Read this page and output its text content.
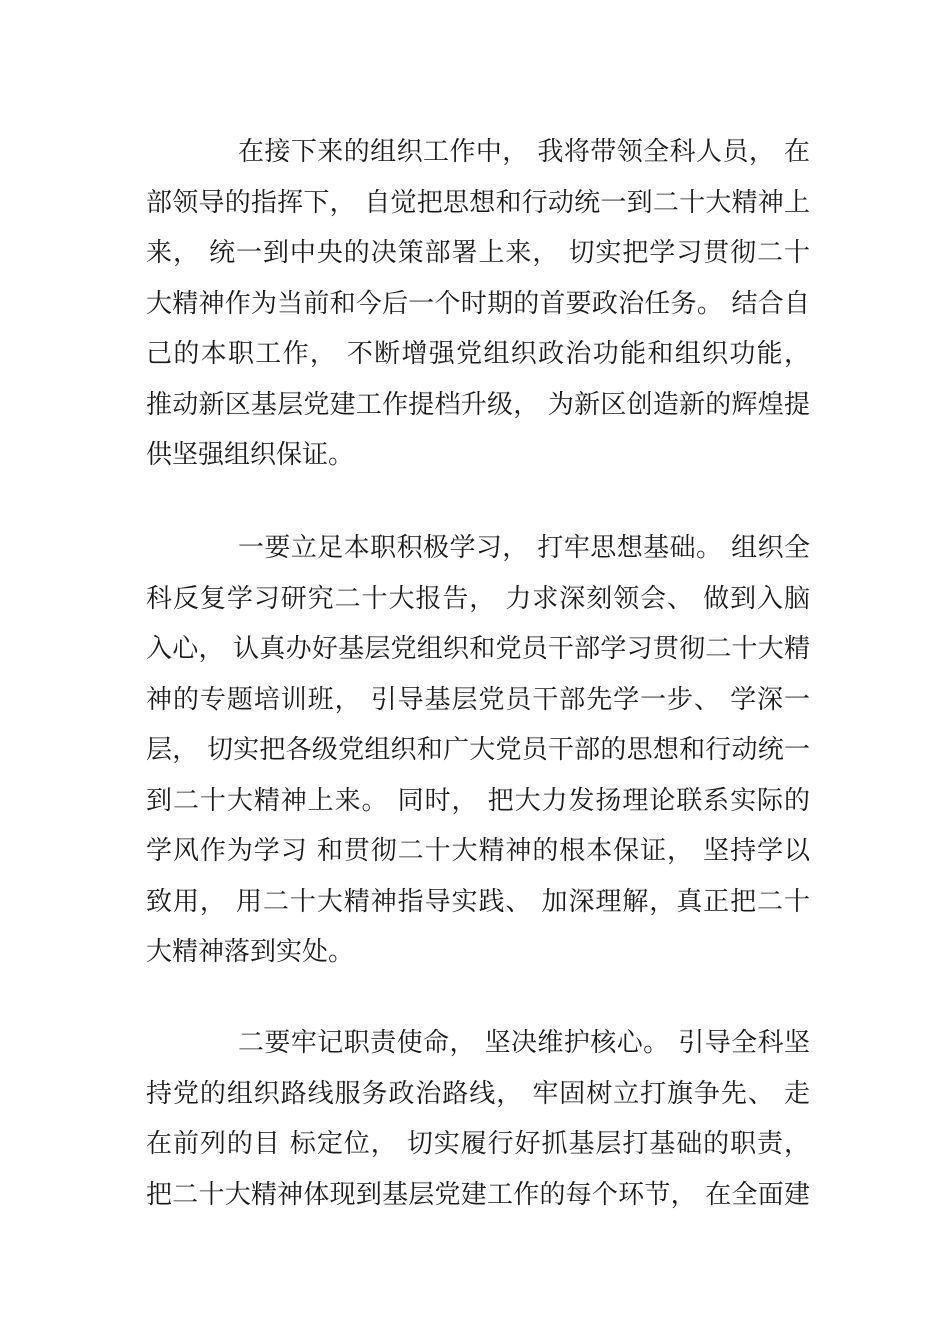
在接下来的组织工作中， 我将带领全科人员， 在
部领导的指挥下， 自觉把思想和行动统一到二十大精神上
来， 统一到中央的决策部署上来， 切实把学习贯彻二十
大精神作为当前和今后一个时期的首要政治任务。 结合自
己的本职工作， 不断增强党组织政治功能和组织功能，
推动新区基层党建工作提档升级， 为新区创造新的辉煌提
供坚强组织保证。
一要立足本职积极学习， 打牢思想基础。 组织全
科反复学习研究二十大报告， 力求深刻领会、 做到入脑
入心， 认真办好基层党组织和党员干部学习贯彻二十大精
神的专题培训班， 引导基层党员干部先学一步、 学深一
层， 切实把各级党组织和广大党员干部的思想和行动统一
到二十大精神上来。 同时， 把大力发扬理论联系实际的
学风作为学习 和贯彻二十大精神的根本保证， 坚持学以
致用， 用二十大精神指导实践、 加深理解，真正把二十
大精神落到实处。
二要牢记职责使命， 坚决维护核心。 引导全科坚
持党的组织路线服务政治路线， 牢固树立打旗争先、 走
在前列的目 标定位， 切实履行好抓基层打基础的职责，
把二十大精神体现到基层党建工作的每个环节， 在全面建
